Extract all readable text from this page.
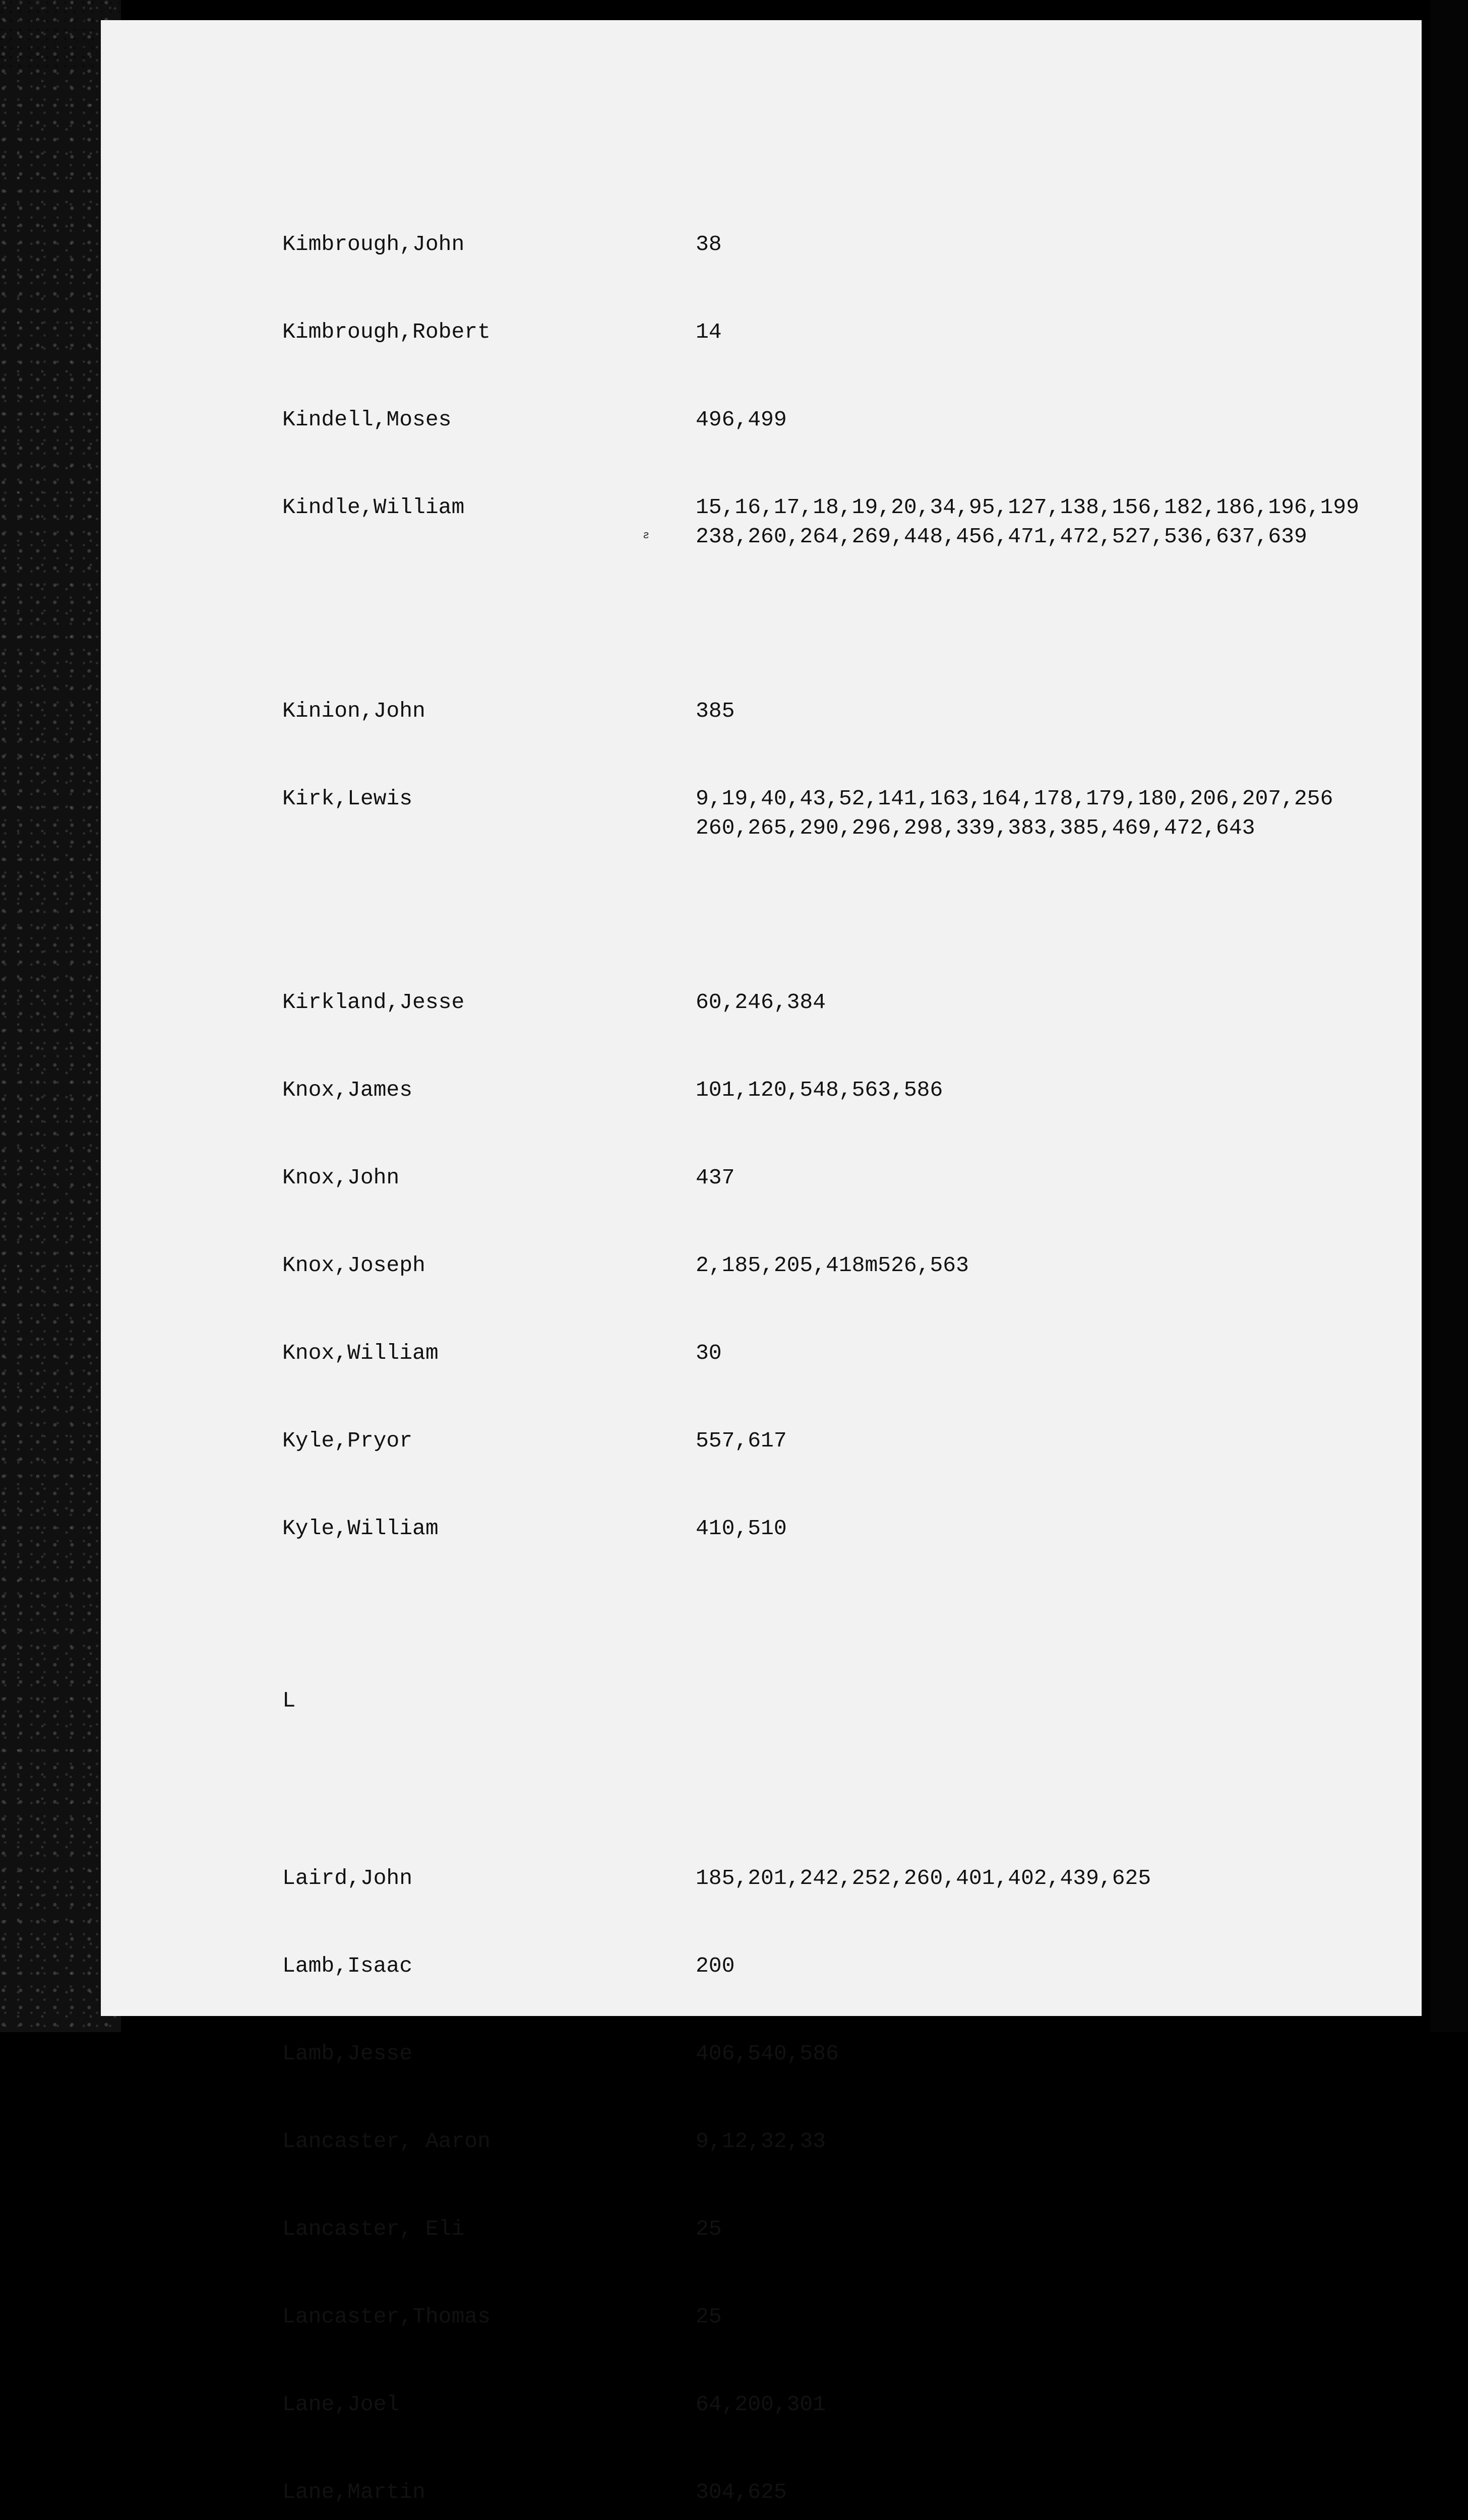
ƨ

Kimbrough,John	38

Kimbrough,Robert	14

Kindell,Moses	496,499

Kindle,William	15,16,17,18,19,20,34,95,127,138,156,182,186,196,199
238,260,264,269,448,456,471,472,527,536,637,639

Kinion,John	385

Kirk,Lewis	9,19,40,43,52,141,163,164,178,179,180,206,207,256
260,265,290,296,298,339,383,385,469,472,643

Kirkland,Jesse	60,246,384

Knox,James	101,120,548,563,586

Knox,John	437

Knox,Joseph	2,185,205,418m526,563

Knox,William	30

Kyle,Pryor	557,617

Kyle,William	410,510

L

Laird,John	185,201,242,252,260,401,402,439,625

Lamb,Isaac	200

Lamb,Jesse	406,540,586

Lancaster, Aaron	9,12,32,33

Lancaster, Eli	25

Lancaster,Thomas	25

Lane,Joel	64,200,301

Lane,Martin	304,625
